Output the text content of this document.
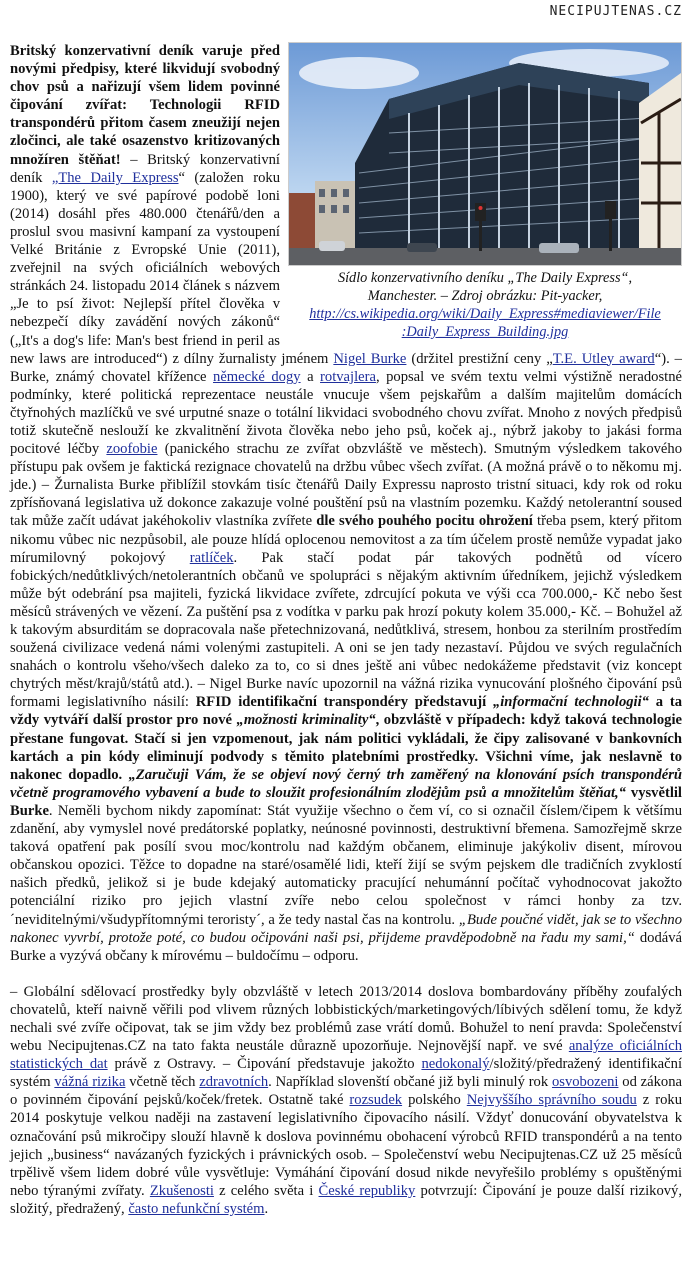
NECIPUJTENAS.CZ
Sídlo konzervativního deníku „The Daily Express“,
Manchester. – Zdroj obrázku: Pit-yacker,
http://cs.wikipedia.org/wiki/Daily_Express#mediaviewer/File
:Daily_Express_Building.jpg

Britský konzervativní deník varuje před novými předpisy, které likvidují svobodný chov psů a nařizují všem lidem povinné čipování zvířat: Technologii RFID transpondérů přitom časem zneužijí nejen zločinci, ale také osazenstvo kritizovaných množíren štěňat! – Britský konzervativní deník „The Daily Express“ (založen roku 1900), který ve své papírové podobě loni (2014) dosáhl přes 480.000 čtenářů/den a proslul svou masivní kampaní za vystoupení Velké Británie z Evropské Unie (2011), zveřejnil na svých oficiálních webových stránkách 24. listopadu 2014 článek s názvem „Je to psí život: Nejlepší přítel člověka v nebezpečí díky zavádění nových zákonů“ („It's a dog's life: Man's best friend in peril as new laws are introduced“) z dílny žurnalisty jménem Nigel Burke (držitel prestižní ceny „T.E. Utley award“). – Burke, známý chovatel křížence německé dogy a rotvajlera, popsal ve svém textu velmi výstižně neradostné podmínky, které politická reprezentace neustále vnucuje všem pejskařům a dalším majitelům domácích čtyřnohých mazlíčků ve své urputné snaze o totální likvidaci svobodného chovu zvířat. Mnoho z nových předpisů totiž skutečně neslouží ke zkvalitnění života člověka nebo jeho psů, koček aj., nýbrž jakoby to jakási forma pocitové léčby zoofobie (panického strachu ze zvířat obzvláště ve městech). Smutným výsledkem takového přístupu pak ovšem je faktická rezignace chovatelů na držbu vůbec všech zvířat. (A možná právě o to někomu mj. jde.) – Žurnalista Burke přiblížil stovkám tisíc čtenářů Daily Expressu naprosto tristní situaci, kdy rok od roku zpřísňovaná legislativa už dokonce zakazuje volné pouštění psů na vlastním pozemku. Každý netolerantní soused tak může začít udávat jakéhokoliv vlastníka zvířete dle svého pouhého pocitu ohrožení třeba psem, který přitom nikomu vůbec nic nezpůsobil, ale pouze hlídá oplocenou nemovitost a za tím účelem prostě nemůže vypadat jako mírumilovný pokojový ratlíček. Pak stačí podat pár takových podnětů od vícero fobických/nedůtklivých/netolerantních občanů ve spolupráci s nějakým aktivním úředníkem, jejichž výsledkem může být odebrání psa majiteli, fyzická likvidace zvířete, zdrcující pokuta ve výši cca 700.000,- Kč nebo šest měsíců strávených ve vězení. Za puštění psa z vodítka v parku pak hrozí pokuty kolem 35.000,- Kč. – Bohužel až k takovým absurditám se dopracovala naše přetechnizovaná, nedůtklivá, stresem, honbou za sterilním prostředím soužená civilizace vedená námi volenými zastupiteli. A oni se jen tady nezastaví. Půjdou ve svých regulačních snahách o kontrolu všeho/všech daleko za to, co si dnes ještě ani vůbec nedokážeme představit (viz koncept chytrých měst/krajů/států atd.). – Nigel Burke navíc upozornil na vážná rizika vynucování plošného čipování psů formami legislativního násilí: RFID identifikační transpondéry představují „informační technologii“ a ta vždy vytváří další prostor pro nové „možnosti kriminality“, obzvláště v případech: když taková technologie přestane fungovat. Stačí si jen vzpomenout, jak nám politici vykládali, že čipy zalisované v bankovních kartách a pin kódy eliminují podvody s těmito platebními prostředky. Všichni víme, jak neslavně to nakonec dopadlo. „Zaručuji Vám, že se objeví nový černý trh zaměřený na klonování psích transpondérů včetně programového vybavení a bude to sloužit profesionálním zlodějům psů a množitelům štěňat,“ vysvětlil Burke. Neměli bychom nikdy zapomínat: Stát využije všechno o čem ví, co si označil číslem/čipem k většímu zdanění, aby vymyslel nové predátorské poplatky, neúnosné povinnosti, destruktivní břemena. Samozřejmě skrze taková opatření pak posílí svou moc/kontrolu nad každým občanem, eliminuje jakýkoliv disent, mírovou občanskou opozici. Těžce to dopadne na staré/osamělé lidi, kteří žijí se svým pejskem dle tradičních zvyklostí našich předků, jelikož si je bude kdejaký automaticky pracující nehumánní počítač vyhodnocovat jakožto potenciální riziko pro jejich vlastní zvíře nebo celou společnost v rámci honby za tzv. ´neviditelnými/všudypřítomnými teroristy´, a že tedy nastal čas na kontrolu. „Bude poučné vidět, jak se to všechno nakonec vyvrbí, protože poté, co budou očipováni naši psi, přijdeme pravděpodobně na řadu my sami,“ dodává Burke a vyzývá občany k mírovému – buldočímu – odporu.

– Globální sdělovací prostředky byly obzvláště v letech 2013/2014 doslova bombardovány příběhy zoufalých chovatelů, kteří naivně věřili pod vlivem různých lobbistických/marketingových/líbivých sdělení tomu, že když nechali své zvíře očipovat, tak se jim vždy bez problémů zase vrátí domů. Bohužel to není pravda: Společenství webu Necipujtenas.CZ na tato fakta neustále důrazně upozorňuje. Nejnovější např. ve své analýze oficiálních statistických dat právě z Ostravy. – Čipování představuje jakožto nedokonalý/složitý/předražený identifikační systém vážná rizika včetně těch zdravotních. Například slovenští občané již byli minulý rok osvobozeni od zákona o povinném čipování pejsků/koček/fretek. Ostatně také rozsudek polského Nejvyššího správního soudu z roku 2014 poskytuje velkou naději na zastavení legislativního čipovacího násilí. Vždyť donucování obyvatelstva k označování psů mikročipy slouží hlavně k doslova povinnému obohacení výrobců RFID transpondérů a na tento jejich „business“ navázaných fyzických i právnických osob. – Společenství webu Necipujtenas.CZ už 25 měsíců trpělivě všem lidem dobré vůle vysvětluje: Vymáhání čipování dosud nikde nevyřešilo problémy s opuštěnými nebo týranými zvířaty. Zkušenosti z celého světa i České republiky potvrzují: Čipování je pouze další rizikový, složitý, předražený, často nefunkční systém.
